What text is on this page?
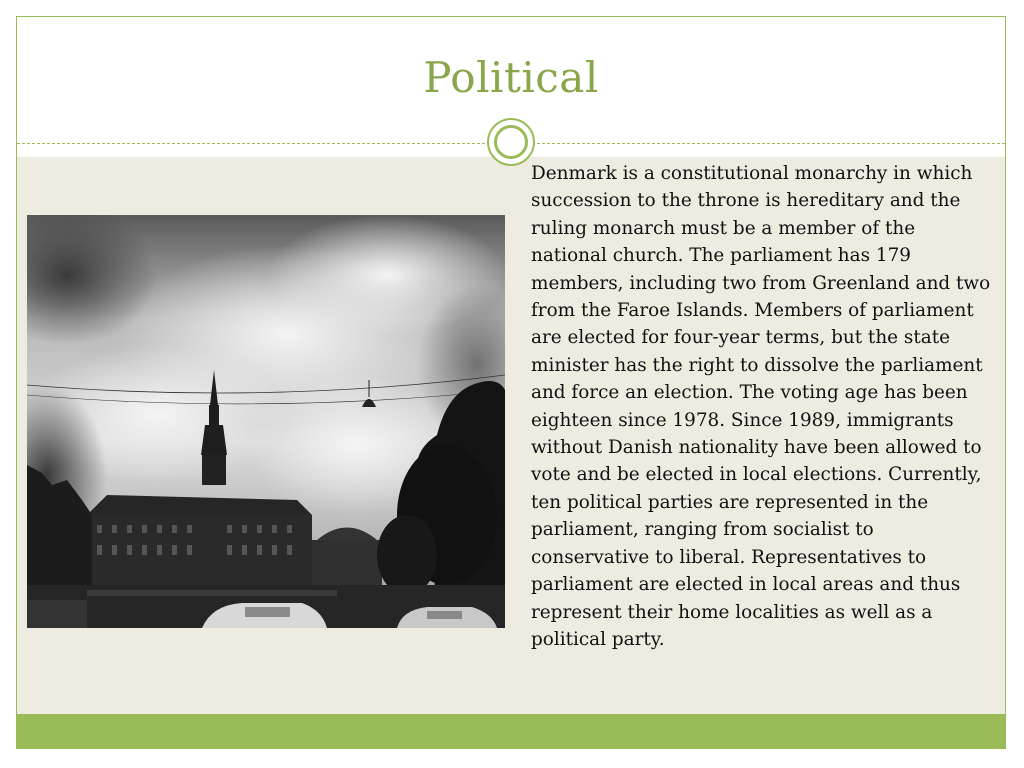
Political

Denmark is a constitutional monarchy in which succession to the throne is hereditary and the ruling monarch must be a member of the national church. The parliament has 179 members, including two from Greenland and two from the Faroe Islands. Members of parliament are elected for four-year terms, but the state minister has the right to dissolve the parliament and force an election. The voting age has been eighteen since 1978. Since 1989, immigrants without Danish nationality have been allowed to vote and be elected in local elections. Currently, ten political parties are represented in the parliament, ranging from socialist to conservative to liberal. Representatives to parliament are elected in local areas and thus represent their home localities as well as a political party.
